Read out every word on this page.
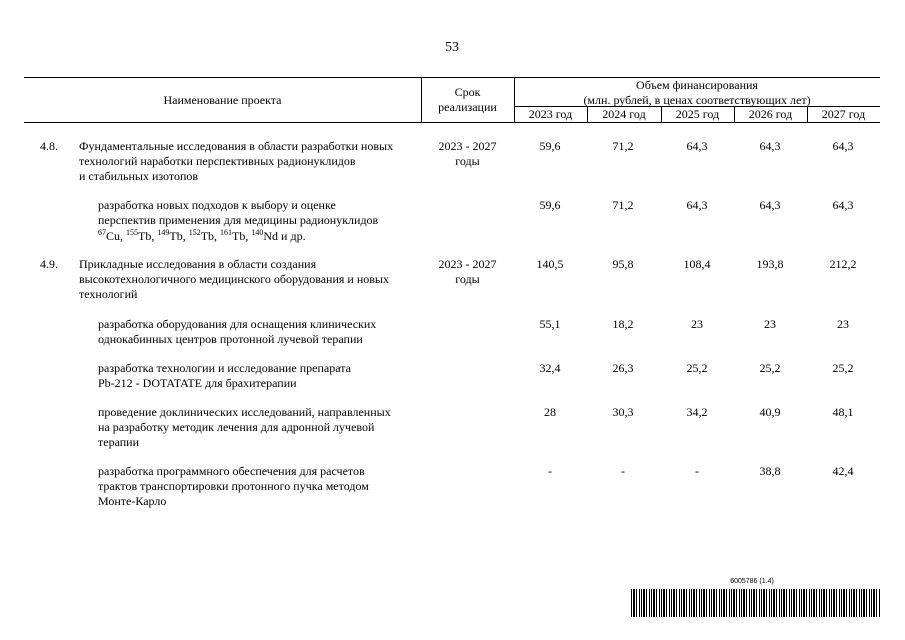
53
Наименование проекта
Срок
реализации
Объем финансирования
(млн. рублей, в ценах соответствующих лет)
2023 год	2024 год	2025 год	2026 год	2027 год
4.8. Фундаментальные исследования в области разработки новых
технологий наработки перспективных радионуклидов
и стабильных изотопов
2023 - 2027
годы
59,6	71,2	64,3	64,3	64,3
разработка новых подходов к выбору и оценке
перспектив применения для медицины радионуклидов
$^{67}$Cu, $^{155}$Tb, $^{149}$Tb, $^{152}$Tb, $^{161}$Tb, $^{140}$Nd и др.
59,6	71,2	64,3	64,3	64,3
4.9. Прикладные исследования в области создания
высокотехнологичного медицинского оборудования и новых
технологий
2023 - 2027
годы
140,5	95,8	108,4	193,8	212,2
разработка оборудования для оснащения клинических
однокабинных центров протонной лучевой терапии
55,1	18,2	23	23	23
разработка технологии и исследование препарата
Pb-212 - DOTATATE для брахитерапии
32,4	26,3	25,2	25,2	25,2
проведение доклинических исследований, направленных
на разработку методик лечения для адронной лучевой
терапии
28	30,3	34,2	40,9	48,1
разработка программного обеспечения для расчетов
трактов транспортировки протонного пучка методом
Монте-Карло
-	-	-	38,8	42,4
6005786 (1.4)
